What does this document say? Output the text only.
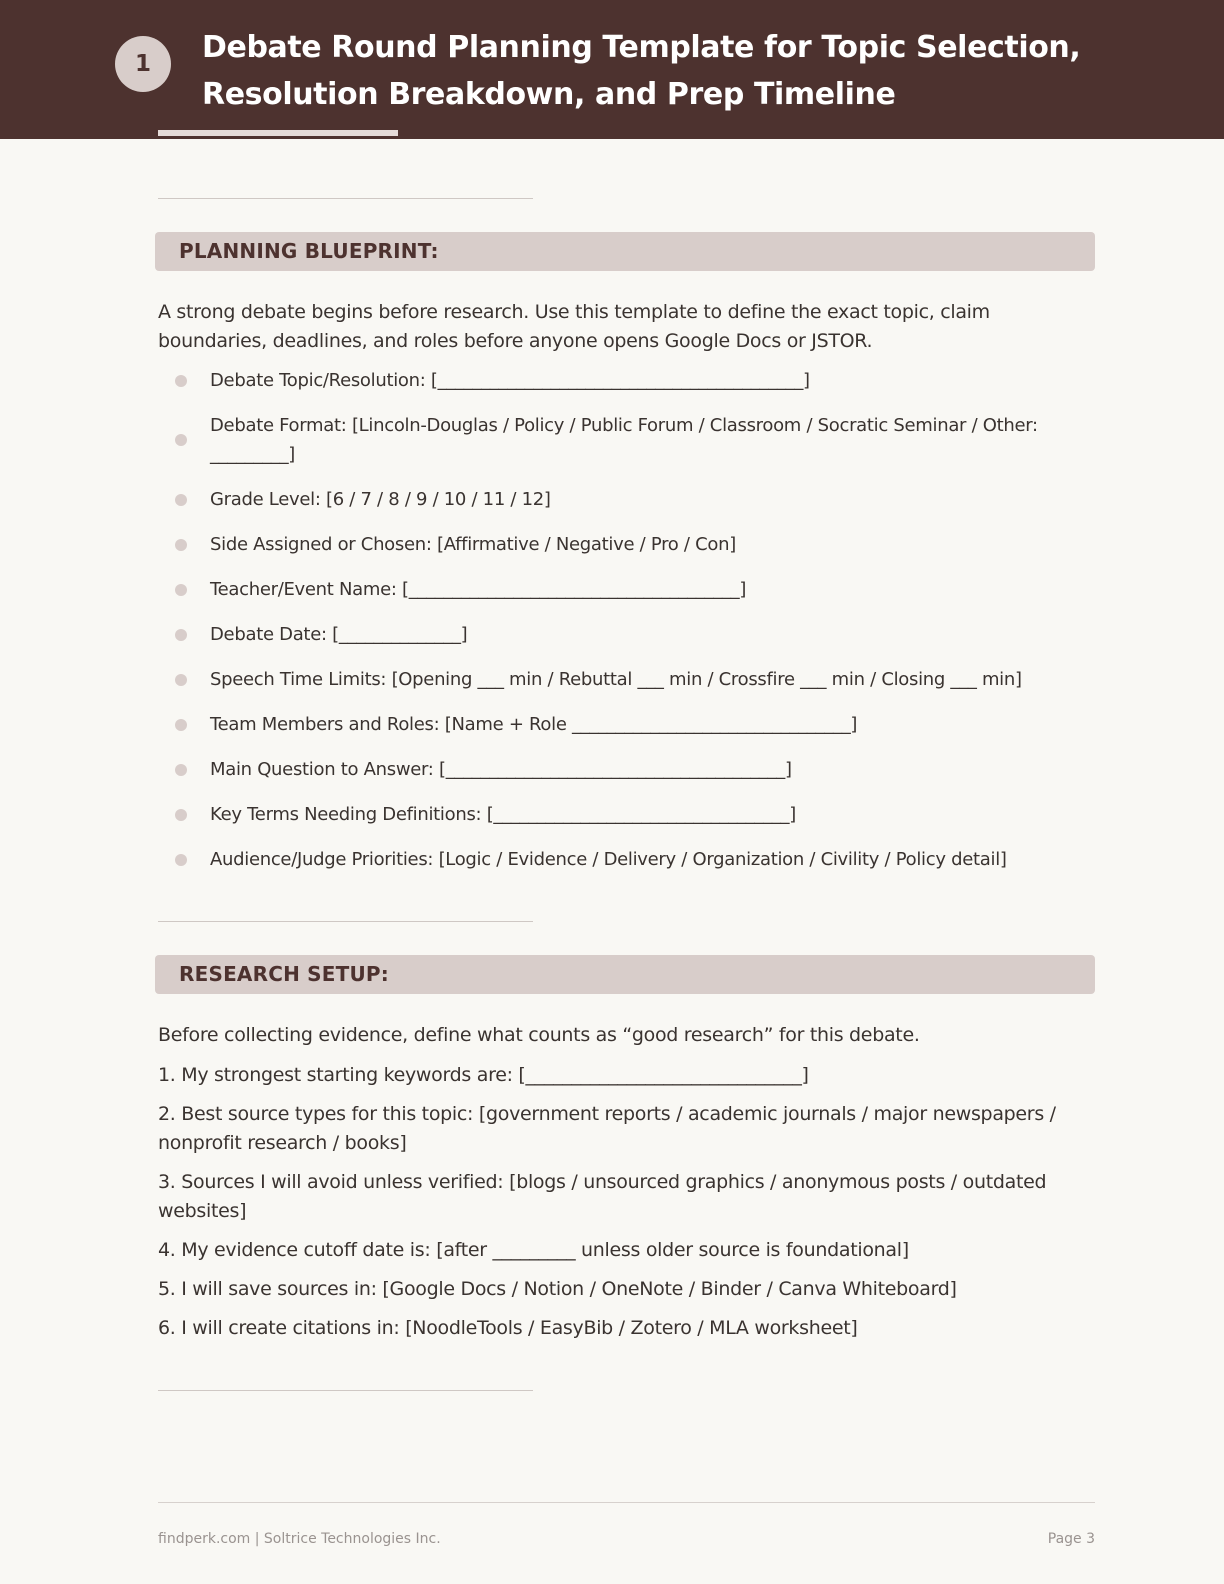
1	Debate Round Planning Template for Topic Selection,
Resolution Breakdown, and Prep Timeline
PLANNING BLUEPRINT:
A strong debate begins before research. Use this template to define the exact topic, claim boundaries, deadlines, and roles before anyone opens Google Docs or JSTOR.
Debate Topic/Resolution: [__________________________________________]
Debate Format: [Lincoln-Douglas / Policy / Public Forum / Classroom / Socratic Seminar / Other: _________]
Grade Level: [6 / 7 / 8 / 9 / 10 / 11 / 12]
Side Assigned or Chosen: [Affirmative / Negative / Pro / Con]
Teacher/Event Name: [______________________________________]
Debate Date: [______________]
Speech Time Limits: [Opening ___ min / Rebuttal ___ min / Crossfire ___ min / Closing ___ min]
Team Members and Roles: [Name + Role ________________________________]
Main Question to Answer: [_______________________________________]
Key Terms Needing Definitions: [__________________________________]
Audience/Judge Priorities: [Logic / Evidence / Delivery / Organization / Civility / Policy detail]
RESEARCH SETUP:
Before collecting evidence, define what counts as “good research” for this debate.
1. My strongest starting keywords are: [______________________________]
2. Best source types for this topic: [government reports / academic journals / major newspapers / nonprofit research / books]
3. Sources I will avoid unless verified: [blogs / unsourced graphics / anonymous posts / outdated websites]
4. My evidence cutoff date is: [after _________ unless older source is foundational]
5. I will save sources in: [Google Docs / Notion / OneNote / Binder / Canva Whiteboard]
6. I will create citations in: [NoodleTools / EasyBib / Zotero / MLA worksheet]
findperk.com | Soltrice Technologies Inc.	Page 3
